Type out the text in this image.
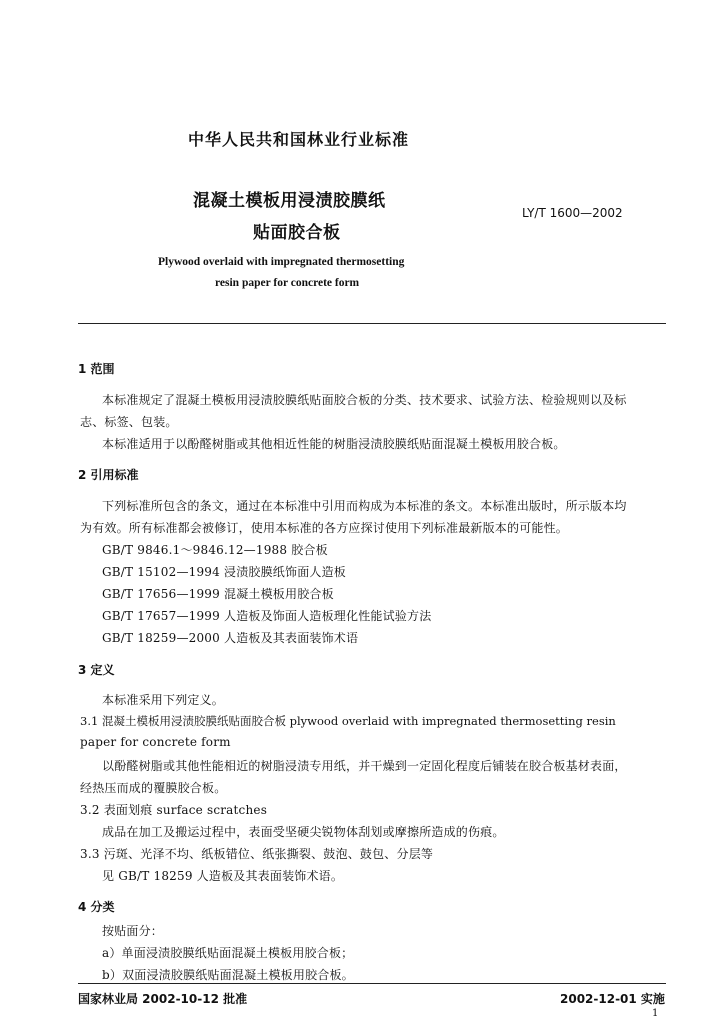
中华人民共和国林业行业标准
混凝土模板用浸渍胶膜纸
贴面胶合板
LY/T 1600—2002
Plywood overlaid with impregnated thermosetting
resin paper for concrete form
1 范围
本标准规定了混凝土模板用浸渍胶膜纸贴面胶合板的分类、技术要求、试验方法、检验规则以及标
志、标签、包装。
本标准适用于以酚醛树脂或其他相近性能的树脂浸渍胶膜纸贴面混凝土模板用胶合板。
2 引用标准
下列标准所包含的条文，通过在本标准中引用而构成为本标准的条文。本标准出版时，所示版本均
为有效。所有标准都会被修订，使用本标准的各方应探讨使用下列标准最新版本的可能性。
GB/T 9846.1～9846.12—1988 胶合板
GB/T 15102—1994 浸渍胶膜纸饰面人造板
GB/T 17656—1999 混凝土模板用胶合板
GB/T 17657—1999 人造板及饰面人造板理化性能试验方法
GB/T 18259—2000 人造板及其表面装饰术语
3 定义
本标准采用下列定义。
3.1 混凝土模板用浸渍胶膜纸贴面胶合板 plywood overlaid with impregnated thermosetting resin
paper for concrete form
以酚醛树脂或其他性能相近的树脂浸渍专用纸，并干燥到一定固化程度后铺装在胶合板基材表面，
经热压而成的覆膜胶合板。
3.2 表面划痕 surface scratches
成品在加工及搬运过程中，表面受坚硬尖锐物体刮划或摩擦所造成的伤痕。
3.3 污斑、光泽不均、纸板错位、纸张撕裂、鼓泡、鼓包、分层等
见 GB/T 18259 人造板及其表面装饰术语。
4 分类
按贴面分：
a）单面浸渍胶膜纸贴面混凝土模板用胶合板；
b）双面浸渍胶膜纸贴面混凝土模板用胶合板。
国家林业局 2002-10-12 批准	2002-12-01 实施
1
